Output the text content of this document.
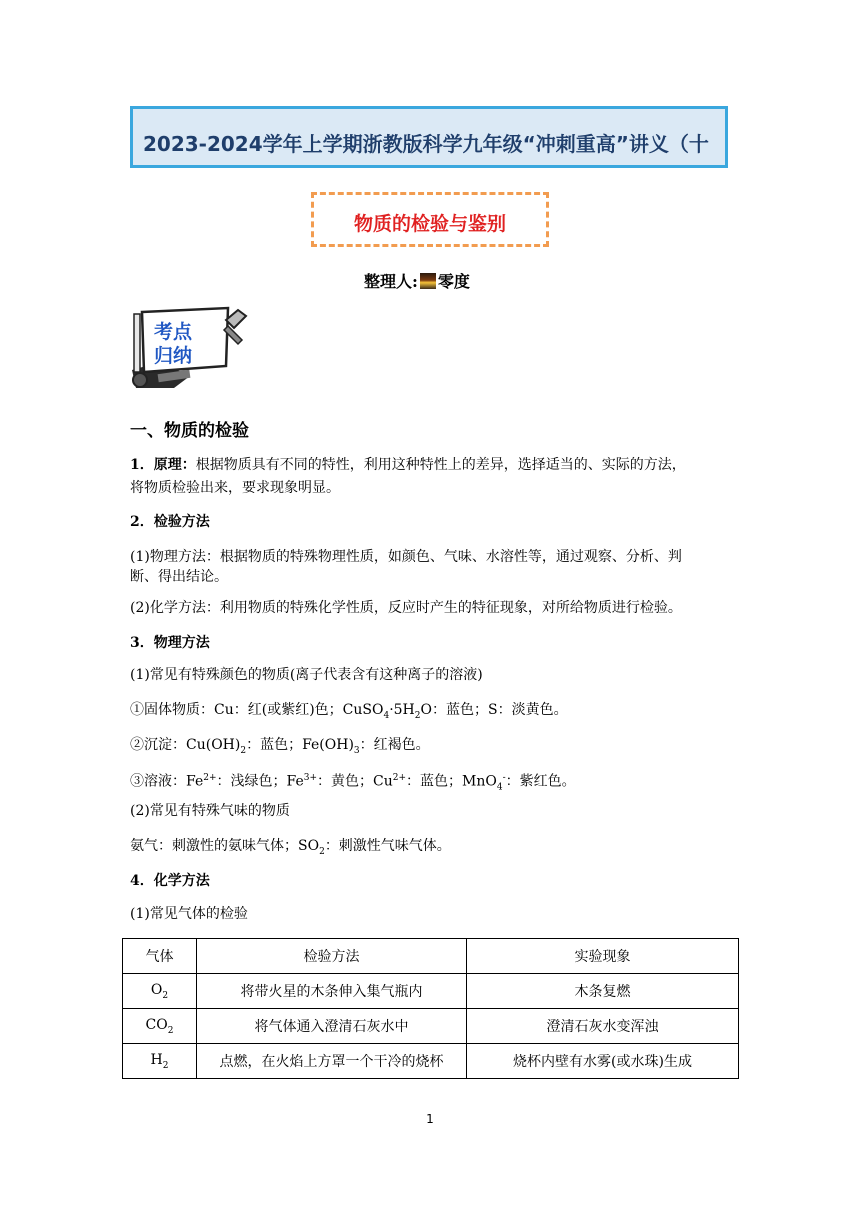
2023-2024学年上学期浙教版科学九年级“冲刺重高”讲义（十
物质的检验与鉴别
整理人: 零度
考点
归纳
一、物质的检验
1．原理：根据物质具有不同的特性，利用这种特性上的差异，选择适当的、实际的方法，
将物质检验出来，要求现象明显。
2．检验方法
(1)物理方法：根据物质的特殊物理性质，如颜色、气味、水溶性等，通过观察、分析、判
断、得出结论。
(2)化学方法：利用物质的特殊化学性质，反应时产生的特征现象，对所给物质进行检验。
3．物理方法
(1)常见有特殊颜色的物质(离子代表含有这种离子的溶液)
①固体物质：Cu：红(或紫红)色；$CuSO_4\cdot 5H_2O$：蓝色；S：淡黄色。
②沉淀：$Cu(OH)_2$：蓝色；$Fe(OH)_3$：红褐色。
③溶液：$Fe^{2+}$：浅绿色；$Fe^{3+}$：黄色；$Cu^{2+}$：蓝色；MnO$_4$-：紫红色。
(2)常见有特殊气味的物质
氨气：刺激性的氨味气体；$SO_2$：刺激性气味气体。
4．化学方法
(1)常见气体的检验
气体	检验方法	实验现象
$O_2$	将带火星的木条伸入集气瓶内	木条复燃
$CO_2$	将气体通入澄清石灰水中	澄清石灰水变浑浊
$H_2$	点燃，在火焰上方罩一个干冷的烧杯	烧杯内壁有水雾(或水珠)生成
1
